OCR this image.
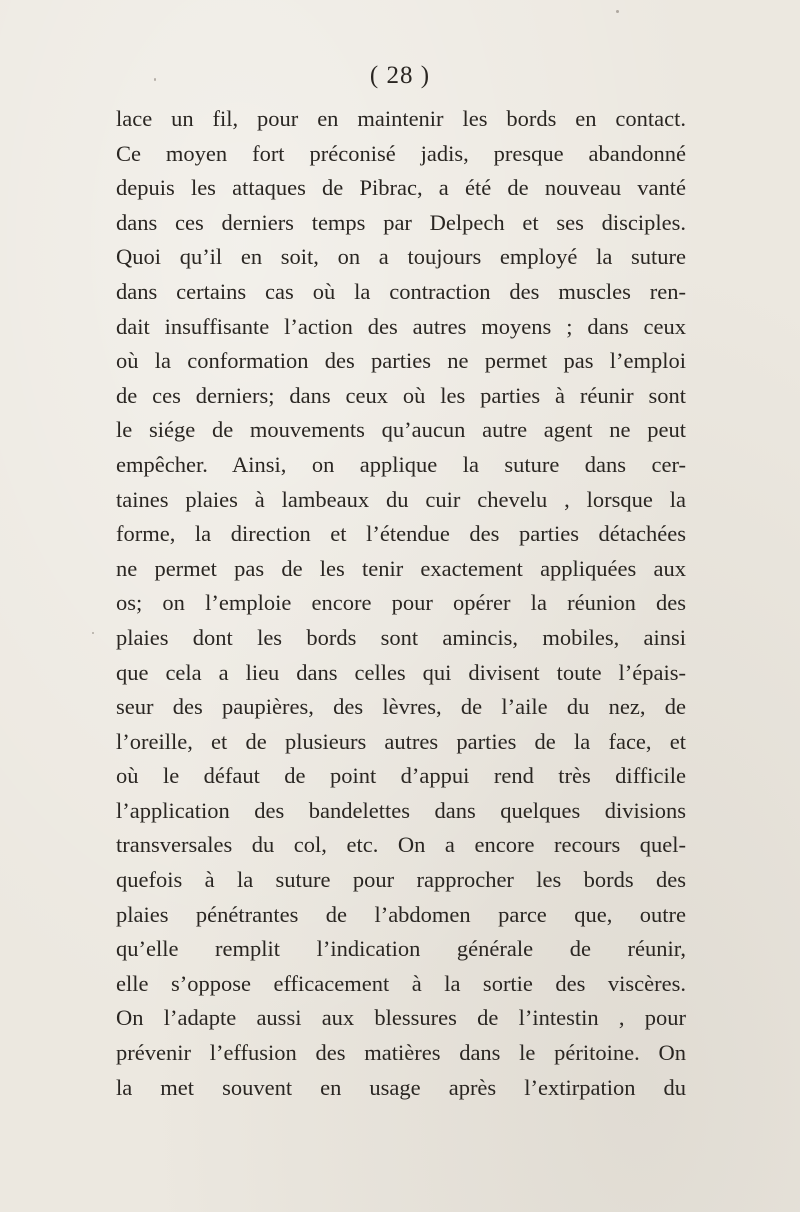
( 28 )
lace un fil, pour en maintenir les bords en contact.
Ce moyen fort préconisé jadis, presque abandonné
depuis les attaques de Pibrac, a été de nouveau vanté
dans ces derniers temps par Delpech et ses disciples.
Quoi qu’il en soit, on a toujours employé la suture
dans certains cas où la contraction des muscles ren-
dait insuffisante l’action des autres moyens ; dans ceux
où la conformation des parties ne permet pas l’emploi
de ces derniers; dans ceux où les parties à réunir sont
le siége de mouvements qu’aucun autre agent ne peut
empêcher. Ainsi, on applique la suture dans cer-
taines plaies à lambeaux du cuir chevelu , lorsque la
forme, la direction et l’étendue des parties détachées
ne permet pas de les tenir exactement appliquées aux
os; on l’emploie encore pour opérer la réunion des
plaies dont les bords sont amincis, mobiles, ainsi
que cela a lieu dans celles qui divisent toute l’épais-
seur des paupières, des lèvres, de l’aile du nez, de
l’oreille, et de plusieurs autres parties de la face, et
où le défaut de point d’appui rend très difficile
l’application des bandelettes dans quelques divisions
transversales du col, etc. On a encore recours quel-
quefois à la suture pour rapprocher les bords des
plaies pénétrantes de l’abdomen parce que, outre
qu’elle remplit l’indication générale de réunir,
elle s’oppose efficacement à la sortie des viscères.
On l’adapte aussi aux blessures de l’intestin , pour
prévenir l’effusion des matières dans le péritoine. On
la met souvent en usage après l’extirpation du
